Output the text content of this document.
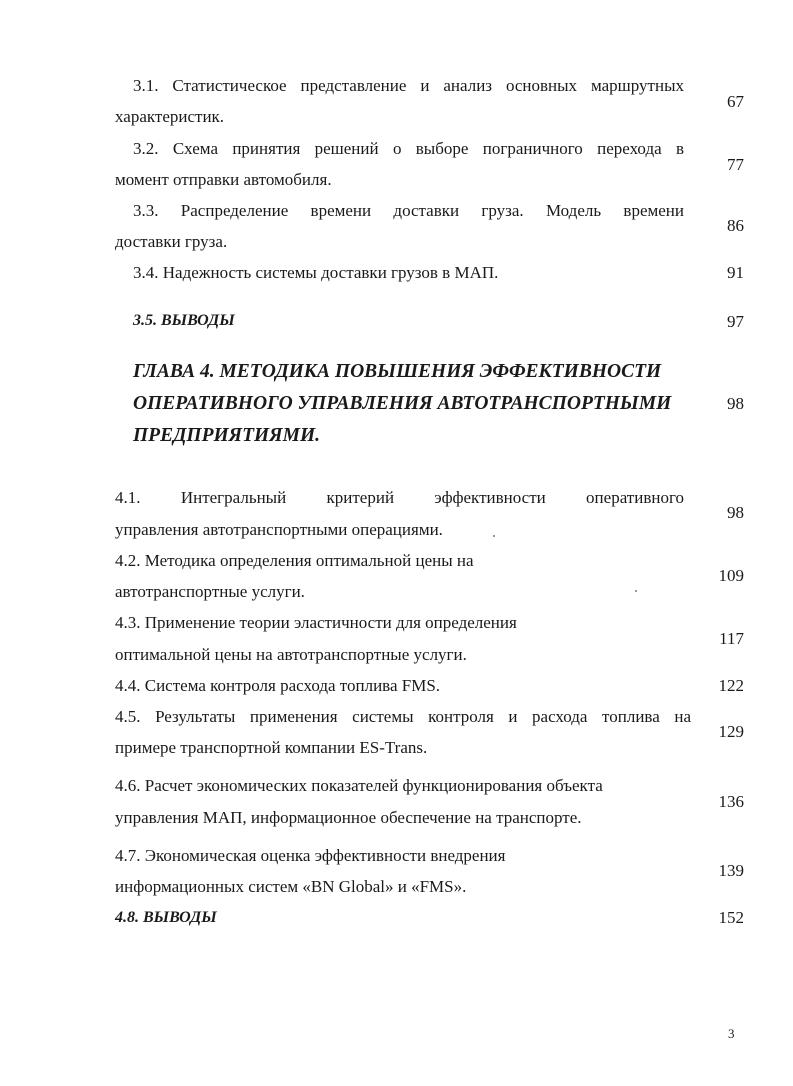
3.1. Статистическое представление и анализ основных маршрутных
характеристик.
67
3.2. Схема принятия решений о выборе пограничного перехода в
момент отправки автомобиля.
77
3.3. Распределение времени доставки груза. Модель времени
доставки груза.
86
3.4. Надежность системы доставки грузов в МАП.	91
3.5. ВЫВОДЫ	97
ГЛАВА 4. МЕТОДИКА ПОВЫШЕНИЯ ЭФФЕКТИВНОСТИ
ОПЕРАТИВНОГО УПРАВЛЕНИЯ АВТОТРАНСПОРТНЫМИ
ПРЕДПРИЯТИЯМИ.
98
4.1. Интегральный критерий эффективности оперативного
управления автотранспортными операциями.
98
4.2. Методика определения оптимальной цены на
автотранспортные услуги.
109
4.3. Применение теории эластичности для определения
оптимальной цены на автотранспортные услуги.
117
4.4. Система контроля расхода топлива FMS.	122
4.5. Результаты применения системы контроля и расхода топлива на
примере транспортной компании ES-Trans.
129
4.6. Расчет экономических показателей функционирования объекта
управления МАП, информационное обеспечение на транспорте.
136
4.7. Экономическая оценка эффективности внедрения
информационных систем «BN Global» и «FMS».
139
4.8. ВЫВОДЫ	152
3
